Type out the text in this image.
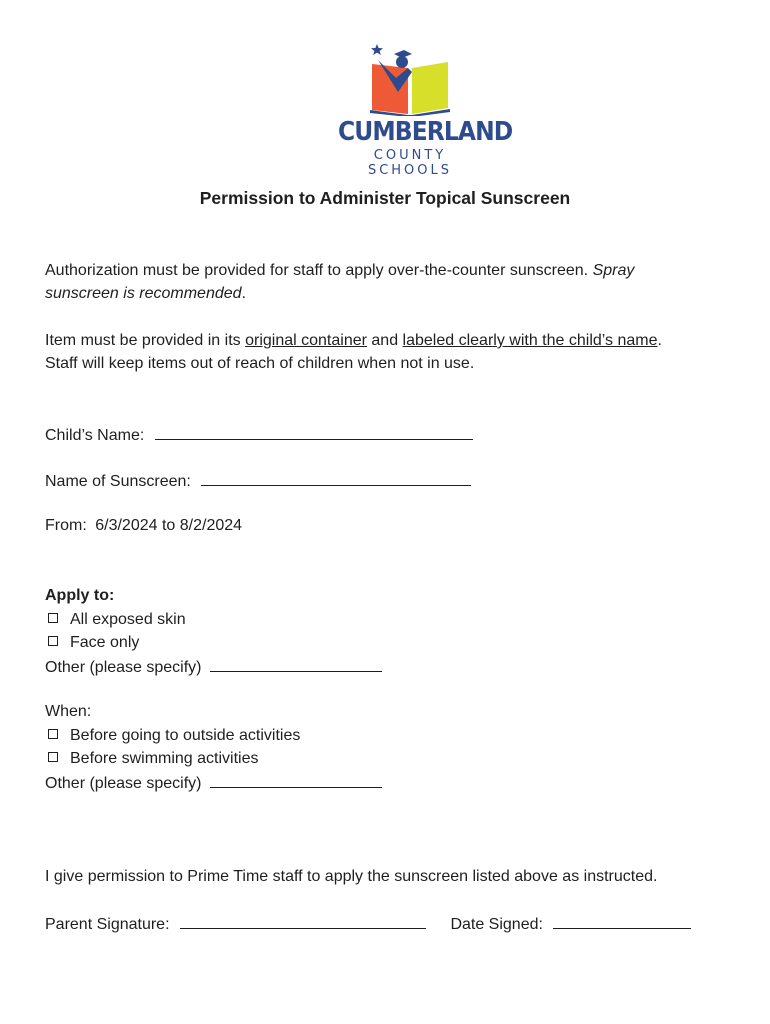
CUMBERLAND
COUNTY SCHOOLS
Permission to Administer Topical Sunscreen
Authorization must be provided for staff to apply over-the-counter sunscreen. Spray
sunscreen is recommended.
Item must be provided in its original container and labeled clearly with the child’s name.
Staff will keep items out of reach of children when not in use.
Child’s Name:
Name of Sunscreen:
From: 6/3/2024 to 8/2/2024
Apply to:
All exposed skin
Face only
Other (please specify)
When:
Before going to outside activities
Before swimming activities
Other (please specify)
I give permission to Prime Time staff to apply the sunscreen listed above as instructed.
Parent Signature:	Date Signed:
